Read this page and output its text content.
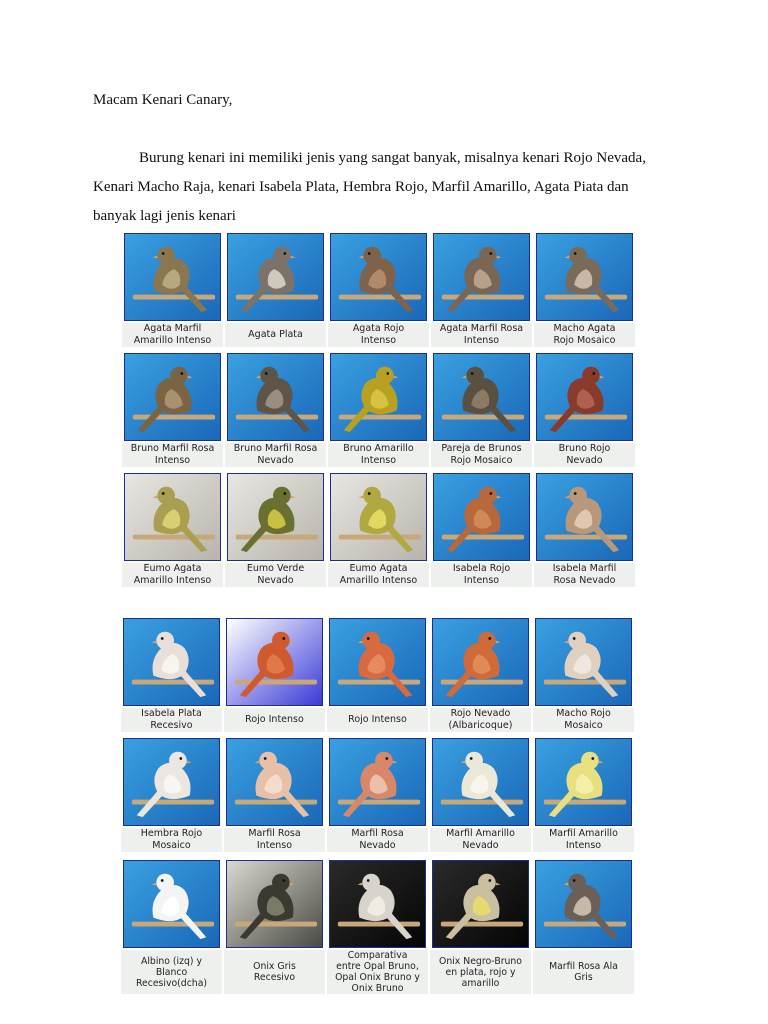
Macam Kenari Canary,
Burung kenari ini memiliki jenis yang sangat banyak, misalnya kenari Rojo Nevada, Kenari Macho Raja, kenari Isabela Plata, Hembra Rojo, Marfil Amarillo, Agata Piata dan banyak lagi jenis kenari
Agata Marfil
Amarillo Intenso
Agata Plata
Agata Rojo
Intenso
Agata Marfil Rosa
Intenso
Macho Agata
Rojo Mosaico
Bruno Marfil Rosa
Intenso
Bruno Marfil Rosa
Nevado
Bruno Amarillo
Intenso
Pareja de Brunos
Rojo Mosaico
Bruno Rojo
Nevado
Eumo Agata
Amarillo Intenso
Eumo Verde
Nevado
Eumo Agata
Amarillo Intenso
Isabela Rojo
Intenso
Isabela Marfil
Rosa Nevado
Isabela Plata
Recesivo
Rojo Intenso	Rojo Intenso
Rojo Nevado
(Albaricoque)
Macho Rojo
Mosaico
Hembra Rojo
Mosaico
Marfil Rosa
Intenso
Marfil Rosa
Nevado
Marfil Amarillo
Nevado
Marfil Amarillo
Intenso
Albino (izq) y
Blanco
Recesivo(dcha)
Onix Gris
Recesivo
Comparativa
entre Opal Bruno,
Opal Onix Bruno y
Onix Bruno
Onix Negro-Bruno
en plata, rojo y
amarillo
Marfil Rosa Ala
Gris
